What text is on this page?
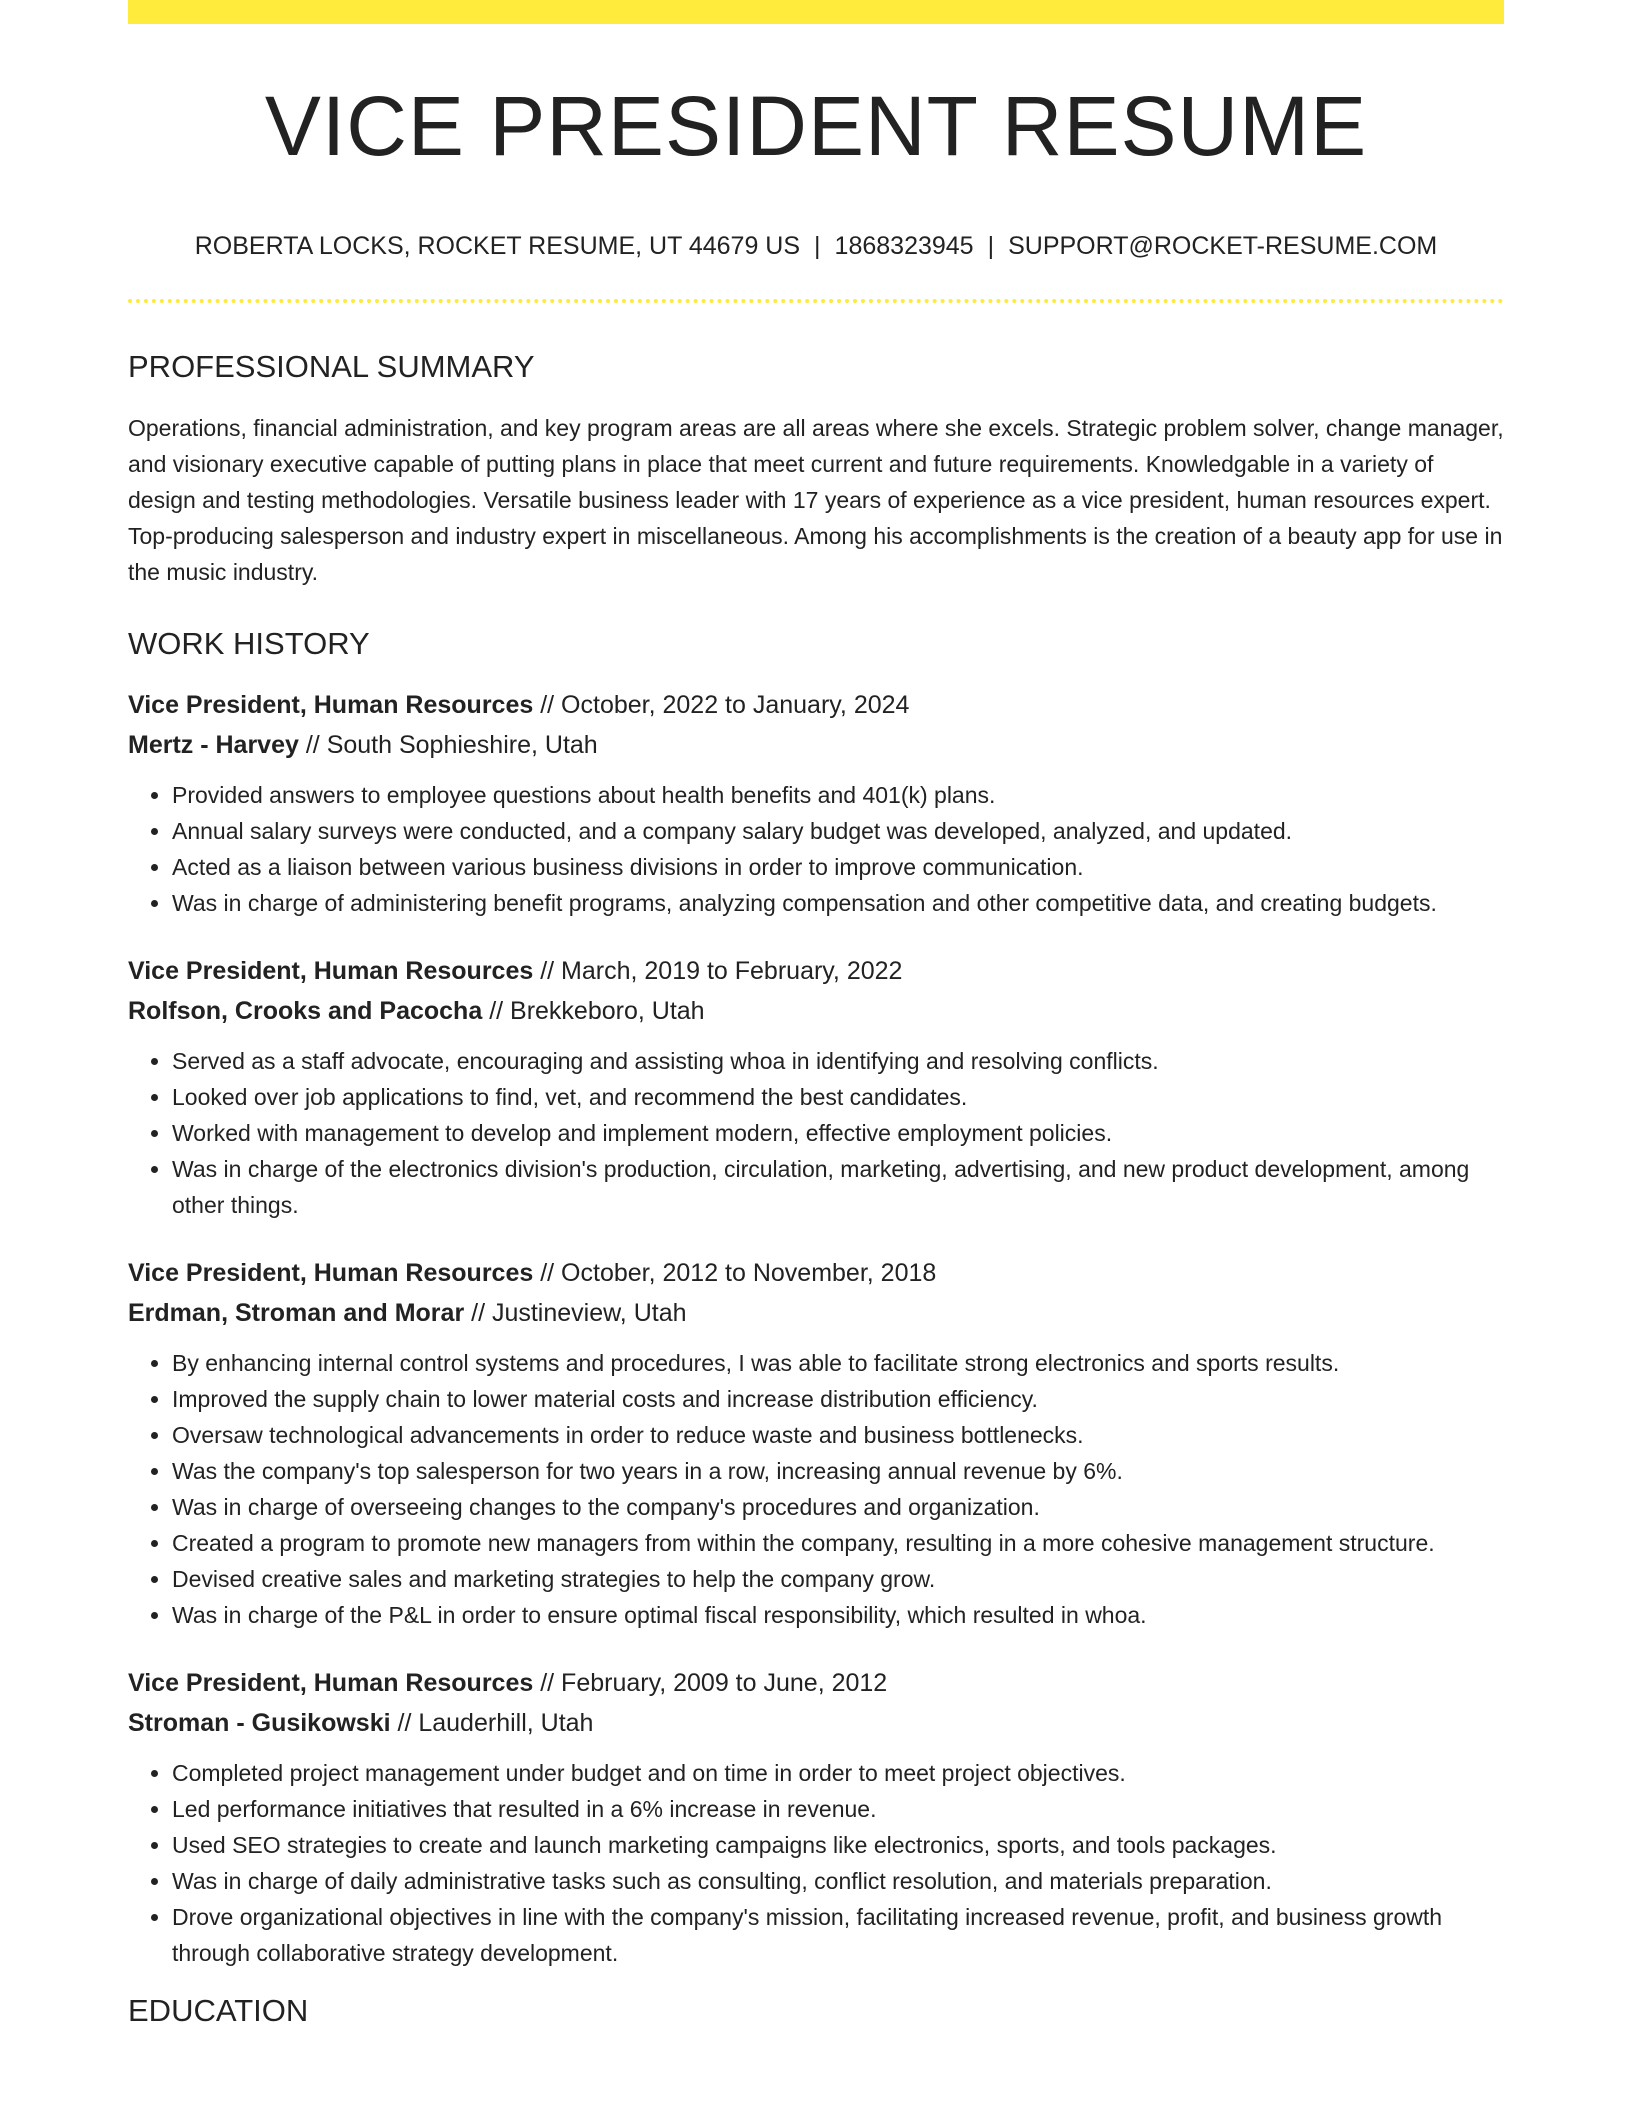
VICE PRESIDENT RESUME
ROBERTA LOCKS, ROCKET RESUME, UT 44679 US | 1868323945 | SUPPORT@ROCKET-RESUME.COM
PROFESSIONAL SUMMARY

Operations, financial administration, and key program areas are all areas where she excels. Strategic problem solver, change manager, and visionary executive capable of putting plans in place that meet current and future requirements. Knowledgable in a variety of design and testing methodologies. Versatile business leader with 17 years of experience as a vice president, human resources expert. Top-producing salesperson and industry expert in miscellaneous. Among his accomplishments is the creation of a beauty app for use in the music industry.

WORK HISTORY

Vice President, Human Resources // October, 2022 to January, 2024

Mertz - Harvey // South Sophieshire, Utah

• Provided answers to employee questions about health benefits and 401(k) plans.
• Annual salary surveys were conducted, and a company salary budget was developed, analyzed, and updated.
• Acted as a liaison between various business divisions in order to improve communication.
• Was in charge of administering benefit programs, analyzing compensation and other competitive data, and creating budgets.

Vice President, Human Resources // March, 2019 to February, 2022

Rolfson, Crooks and Pacocha // Brekkeboro, Utah

• Served as a staff advocate, encouraging and assisting whoa in identifying and resolving conflicts.
• Looked over job applications to find, vet, and recommend the best candidates.
• Worked with management to develop and implement modern, effective employment policies.
• Was in charge of the electronics division's production, circulation, marketing, advertising, and new product development, among other things.

Vice President, Human Resources // October, 2012 to November, 2018

Erdman, Stroman and Morar // Justineview, Utah

• By enhancing internal control systems and procedures, I was able to facilitate strong electronics and sports results.
• Improved the supply chain to lower material costs and increase distribution efficiency.
• Oversaw technological advancements in order to reduce waste and business bottlenecks.
• Was the company's top salesperson for two years in a row, increasing annual revenue by 6%.
• Was in charge of overseeing changes to the company's procedures and organization.
• Created a program to promote new managers from within the company, resulting in a more cohesive management structure.
• Devised creative sales and marketing strategies to help the company grow.
• Was in charge of the P&L in order to ensure optimal fiscal responsibility, which resulted in whoa.

Vice President, Human Resources // February, 2009 to June, 2012

Stroman - Gusikowski // Lauderhill, Utah

• Completed project management under budget and on time in order to meet project objectives.
• Led performance initiatives that resulted in a 6% increase in revenue.
• Used SEO strategies to create and launch marketing campaigns like electronics, sports, and tools packages.
• Was in charge of daily administrative tasks such as consulting, conflict resolution, and materials preparation.
• Drove organizational objectives in line with the company's mission, facilitating increased revenue, profit, and business growth through collaborative strategy development.
EDUCATION
